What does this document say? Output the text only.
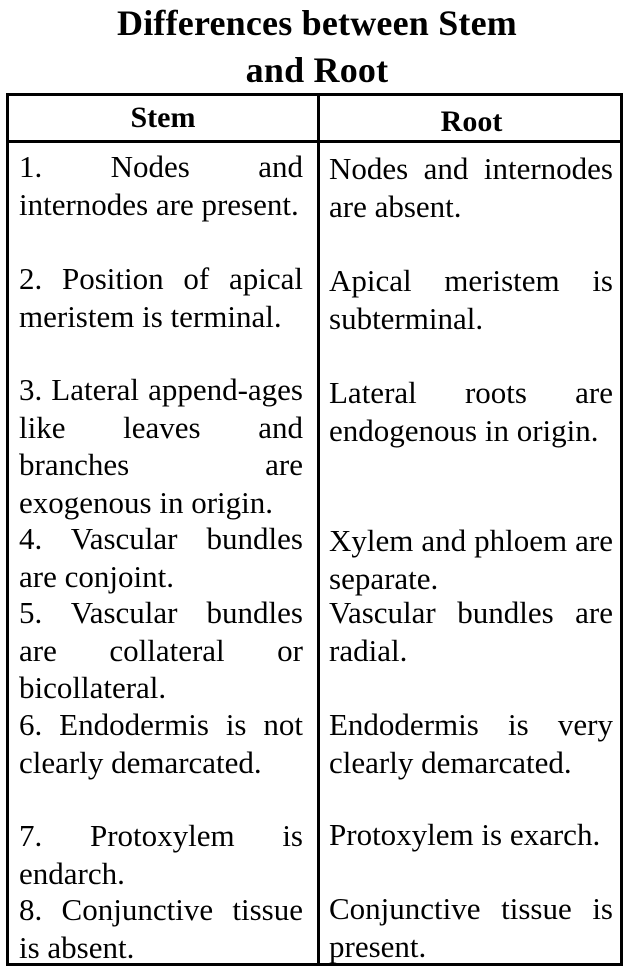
Differences between Stem
and Root
Stem	Root

1. Nodes and internodes are present.

2. Position of apical meristem is terminal.

3. Lateral append-ages like leaves and branches are exogenous in origin.

4. Vascular bundles are conjoint.

5. Vascular bundles are collateral or bicollateral.

6. Endodermis is not clearly demarcated.

7. Protoxylem is endarch.

8. Conjunctive tissue is absent.

Nodes and internodes are absent.

Apical meristem is subterminal.

Lateral roots are endogenous in origin.

Xylem and phloem are separate.

Vascular bundles are radial.

Endodermis is very clearly demarcated.

Protoxylem is exarch.

Conjunctive tissue is present.
